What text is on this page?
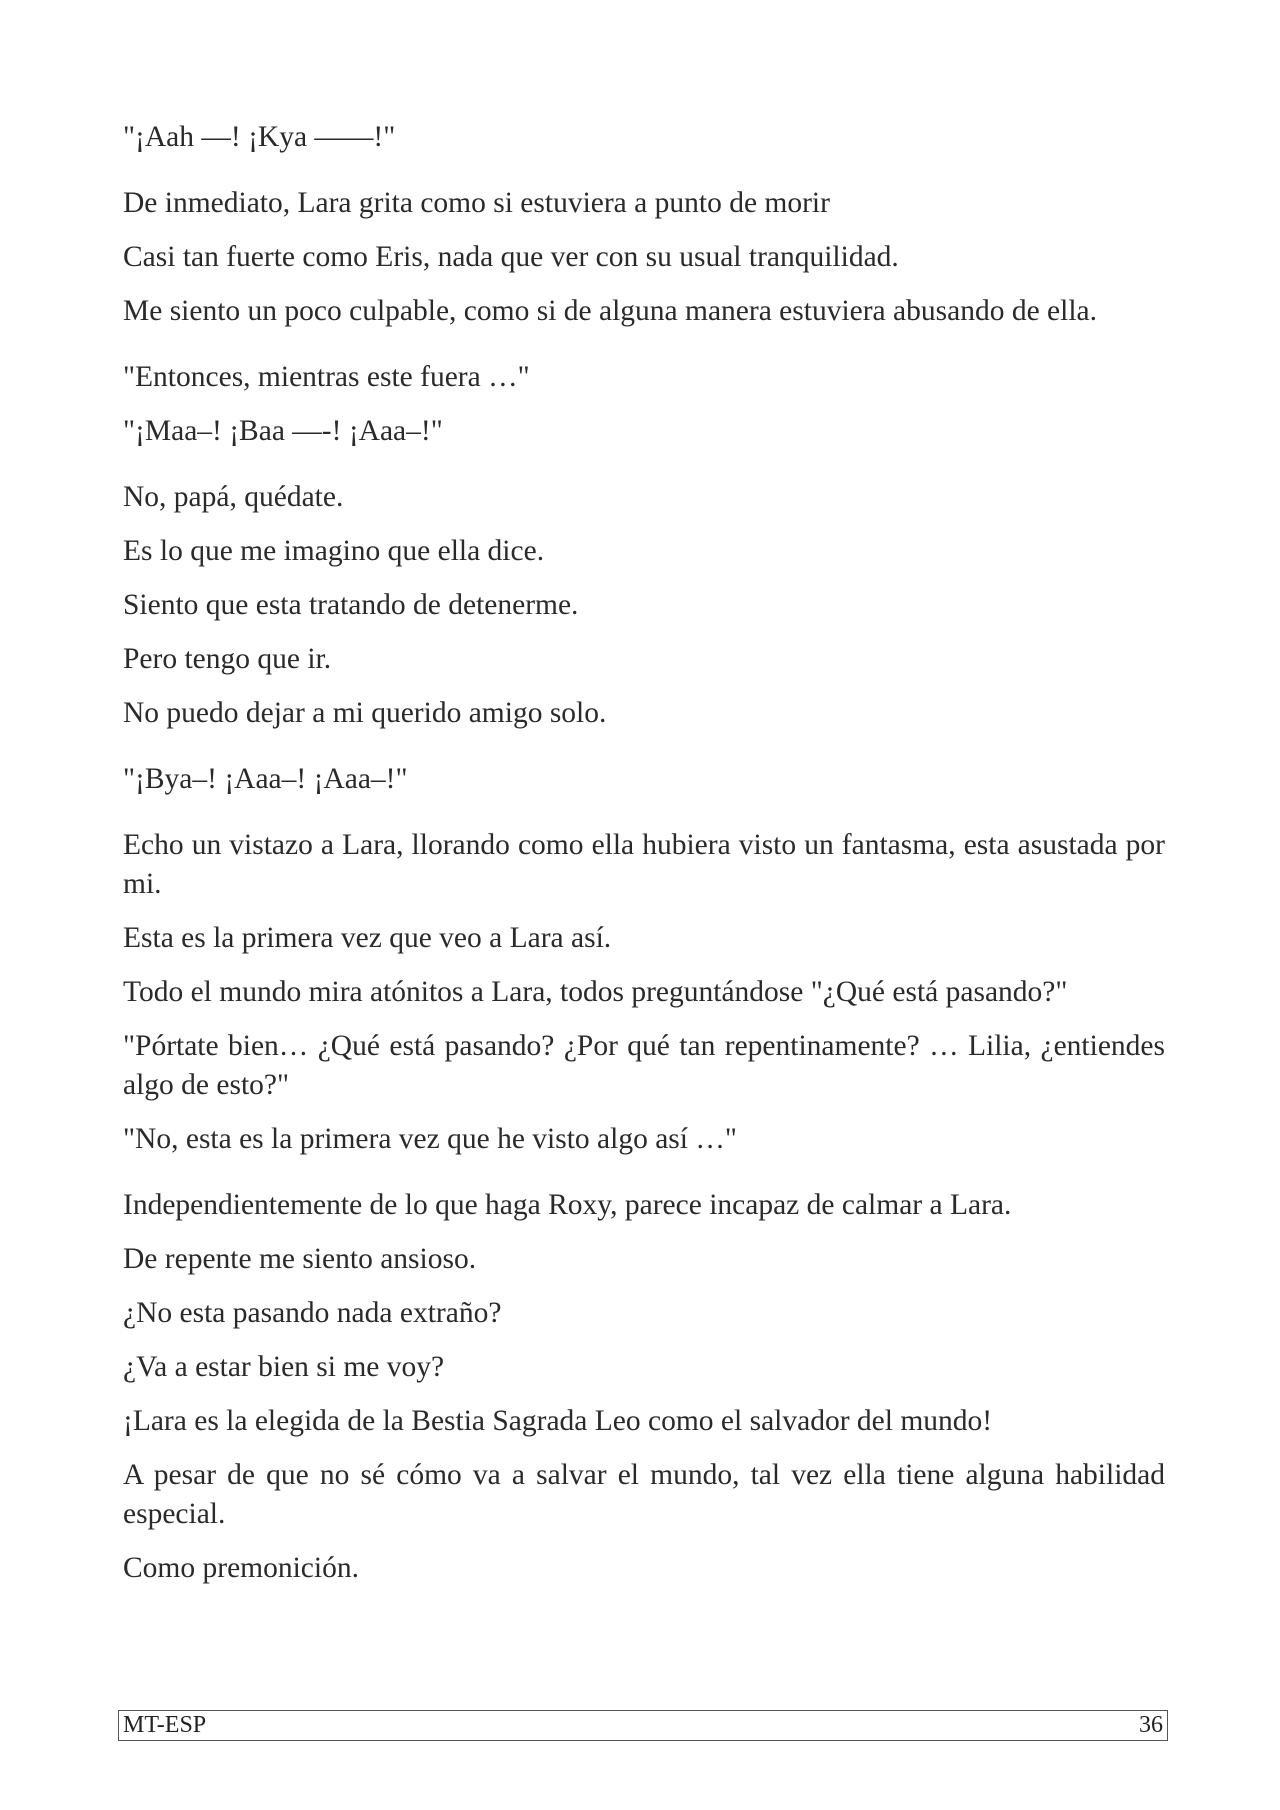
"¡Aah —! ¡Kya ——!"

De inmediato, Lara grita como si estuviera a punto de morir

Casi tan fuerte como Eris, nada que ver con su usual tranquilidad.

Me siento un poco culpable, como si de alguna manera estuviera abusando de ella.

"Entonces, mientras este fuera …"

"¡Maa–! ¡Baa —-! ¡Aaa–!"

No, papá, quédate.

Es lo que me imagino que ella dice.

Siento que esta tratando de detenerme.

Pero tengo que ir.

No puedo dejar a mi querido amigo solo.

"¡Bya–! ¡Aaa–! ¡Aaa–!"

Echo un vistazo a Lara, llorando como ella hubiera visto un fantasma, esta asustada por mi.

Esta es la primera vez que veo a Lara así.

Todo el mundo mira atónitos a Lara, todos preguntándose "¿Qué está pasando?"

"Pórtate bien… ¿Qué está pasando? ¿Por qué tan repentinamente? … Lilia, ¿entiendes algo de esto?"

"No, esta es la primera vez que he visto algo así …"

Independientemente de lo que haga Roxy, parece incapaz de calmar a Lara.

De repente me siento ansioso.

¿No esta pasando nada extraño?

¿Va a estar bien si me voy?

¡Lara es la elegida de la Bestia Sagrada Leo como el salvador del mundo!

A pesar de que no sé cómo va a salvar el mundo, tal vez ella tiene alguna habilidad especial.

Como premonición.

MT-ESP	36
